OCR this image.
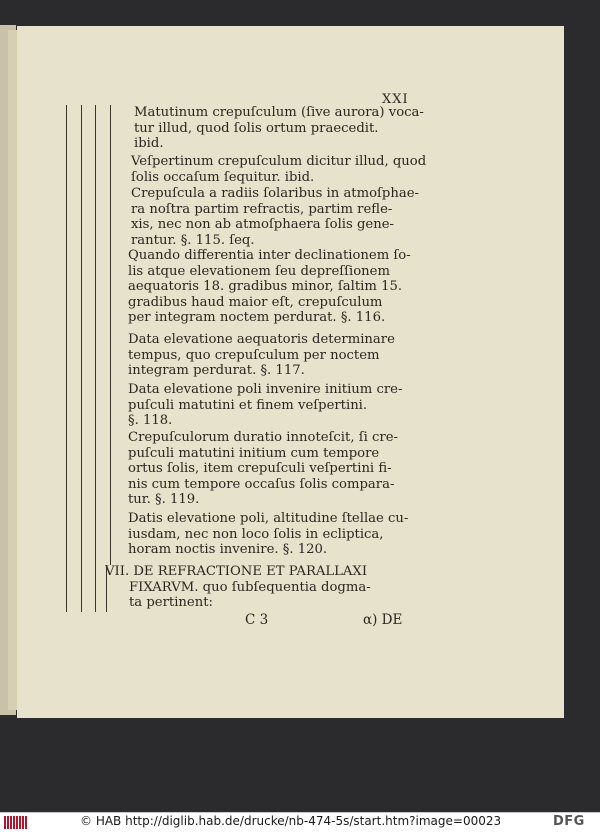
XXI

Matutinum crepuſculum (ſive aurora) voca-

tur illud, quod ſolis ortum praecedit.

ibid.

Veſpertinum crepuſculum dicitur illud, quod

ſolis occaſum ſequitur. ibid.

Crepuſcula a radiis ſolaribus in atmoſphae-

ra noſtra partim refractis, partim reflе-

xis, nec non ab atmoſphaera ſolis gene-

rantur. §. 115. ſeq.

Quando differentia inter declinationem ſo-

lis atque elevationem ſeu depreſſionem

aequatoris 18. gradibus minor, ſaltim 15.

gradibus haud maior eſt, crepuſculum

per integram noctem perdurat. §. 116.

Data elevatione aequatoris determinare

tempus, quo crepuſculum per noctem

integram perdurat. §. 117.

Data elevatione poli invenire initium cre-

puſculi matutini et finem veſpertini.

§. 118.

Crepuſculorum duratio innoteſcit, ſi cre-

puſculi matutini initium cum tempore

ortus ſolis, item crepuſculi veſpertini fi-

nis cum tempore occaſus ſolis compara-

tur. §. 119.

Datis elevatione poli, altitudine ſtellae cu-

iusdam, nec non loco ſolis in ecliptica,

horam noctis invenire. §. 120.

VII. DE REFRACTIONE ET PARALLAXI

FIXARVM. quo ſubſequentia dogma-

ta pertinent:

C 3	α) DE
© HAB http://diglib.hab.de/drucke/nb-474-5s/start.htm?image=00023	DFG
